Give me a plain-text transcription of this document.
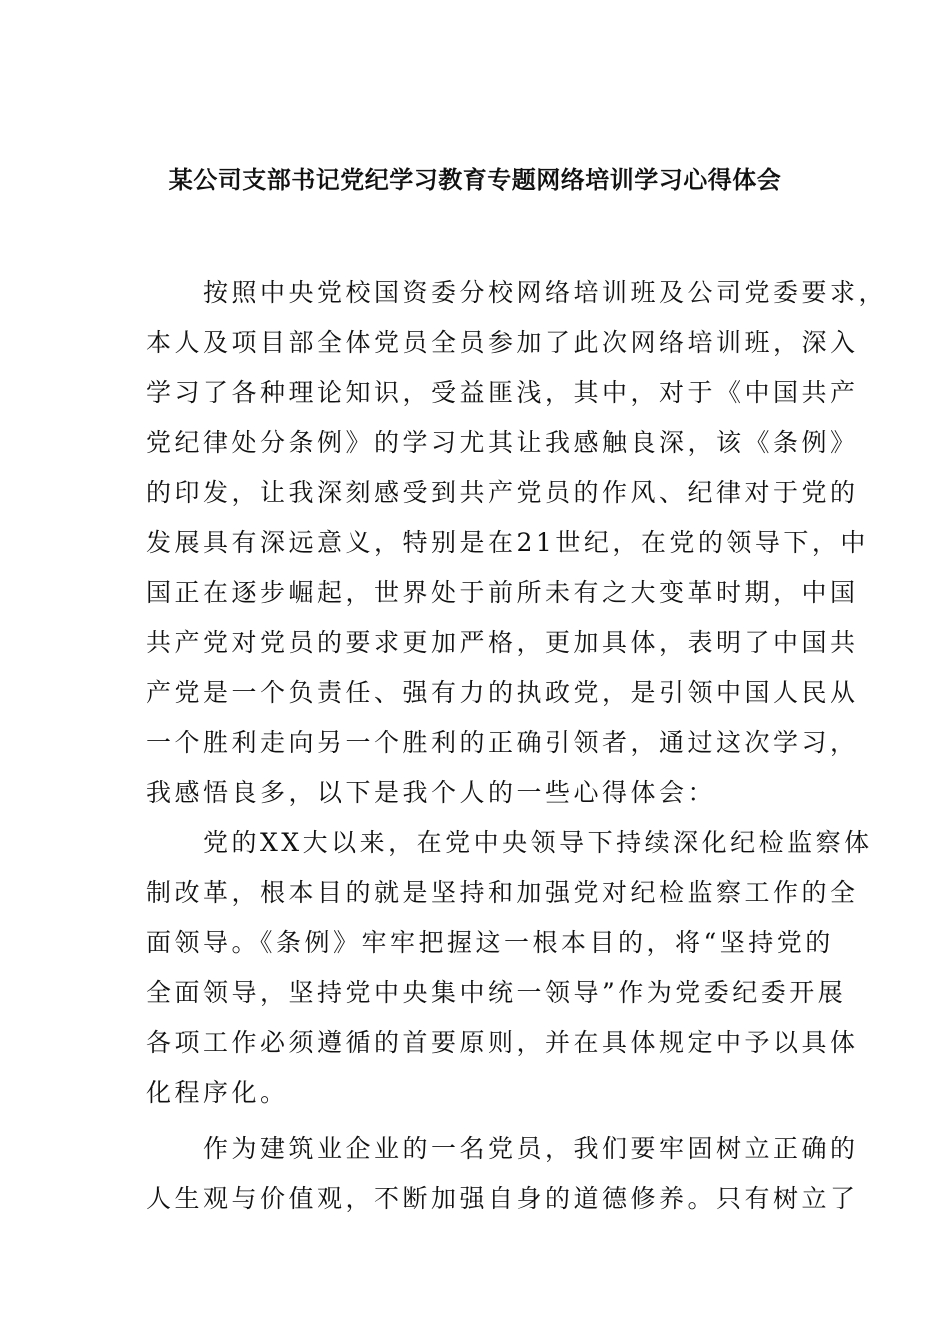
某公司支部书记党纪学习教育专题网络培训学习心得体会
　　按照中央党校国资委分校网络培训班及公司党委要求，
本人及项目部全体党员全员参加了此次网络培训班，深入
学习了各种理论知识，受益匪浅，其中，对于《中国共产
党纪律处分条例》的学习尤其让我感触良深，该《条例》
的印发，让我深刻感受到共产党员的作风、纪律对于党的
发展具有深远意义，特别是在21世纪，在党的领导下，中
国正在逐步崛起，世界处于前所未有之大变革时期，中国
共产党对党员的要求更加严格，更加具体，表明了中国共
产党是一个负责任、强有力的执政党，是引领中国人民从
一个胜利走向另一个胜利的正确引领者，通过这次学习，
我感悟良多，以下是我个人的一些心得体会：
　　党的XX大以来，在党中央领导下持续深化纪检监察体
制改革，根本目的就是坚持和加强党对纪检监察工作的全
面领导。《条例》牢牢把握这一根本目的，将“坚持党的
全面领导，坚持党中央集中统一领导”作为党委纪委开展
各项工作必须遵循的首要原则，并在具体规定中予以具体
化程序化。
　　作为建筑业企业的一名党员，我们要牢固树立正确的
人生观与价值观，不断加强自身的道德修养。只有树立了
